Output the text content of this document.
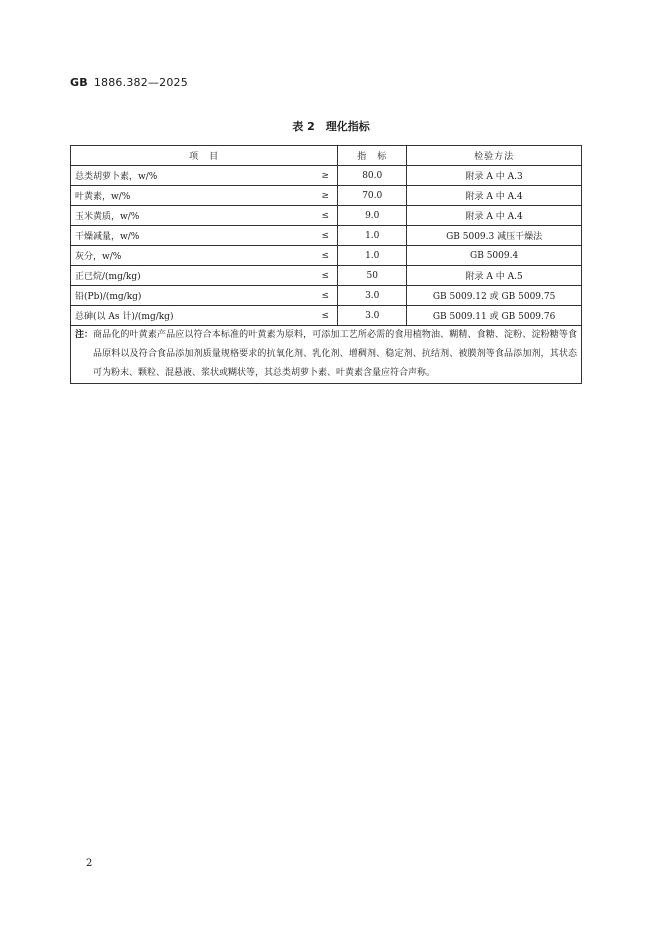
GB 1886.382—2025
表 2　理化指标
项　目		指　标	检验方法
总类胡萝卜素，w/%	≥	80.0	附录 A 中 A.3
叶黄素，w/%	≥	70.0	附录 A 中 A.4
玉米黄质，w/%	≤	9.0	附录 A 中 A.4
干燥减量，w/%	≤	1.0	GB 5009.3 减压干燥法
灰分，w/%	≤	1.0	GB 5009.4
正已烷/(mg/kg)	≤	50	附录 A 中 A.5
铅(Pb)/(mg/kg)	≤	3.0	GB 5009.12 或 GB 5009.75
总砷(以 As 计)/(mg/kg)	≤	3.0	GB 5009.11 或 GB 5009.76

注： 商品化的叶黄素产品应以符合本标准的叶黄素为原料，可添加工艺所必需的食用植物油、糊精、食糖、淀粉、淀粉糖等食品原料以及符合食品添加剂质量规格要求的抗氧化剂、乳化剂、增稠剂、稳定剂、抗结剂、被膜剂等食品添加剂，其状态可为粉末、颗粒、混悬液、浆状或糊状等，其总类胡萝卜素、叶黄素含量应符合声称。			
2
